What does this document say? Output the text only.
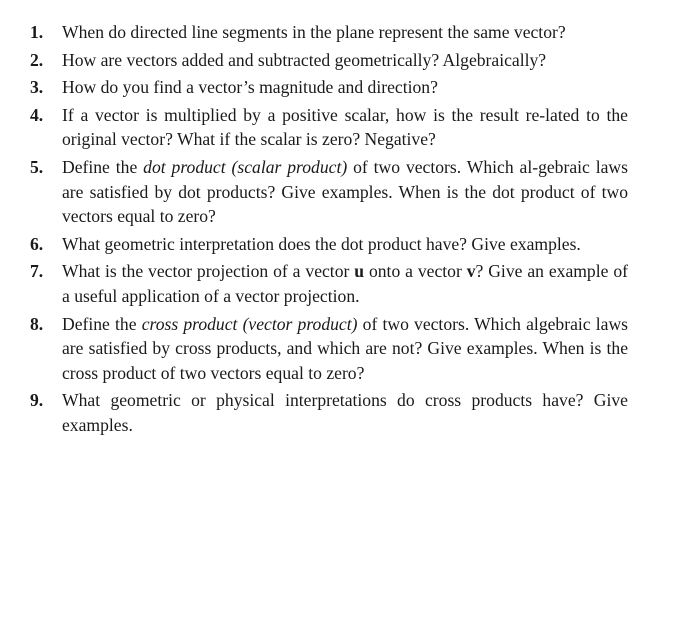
1. When do directed line segments in the plane represent the same vector?
2. How are vectors added and subtracted geometrically? Algebraically?
3. How do you find a vector’s magnitude and direction?
4. If a vector is multiplied by a positive scalar, how is the result re-lated to the original vector? What if the scalar is zero? Negative?
5. Define the dot product (scalar product) of two vectors. Which al-gebraic laws are satisfied by dot products? Give examples. When is the dot product of two vectors equal to zero?
6. What geometric interpretation does the dot product have? Give examples.
7. What is the vector projection of a vector u onto a vector v? Give an example of a useful application of a vector projection.
8. Define the cross product (vector product) of two vectors. Which algebraic laws are satisfied by cross products, and which are not? Give examples. When is the cross product of two vectors equal to zero?
9. What geometric or physical interpretations do cross products have? Give examples.
